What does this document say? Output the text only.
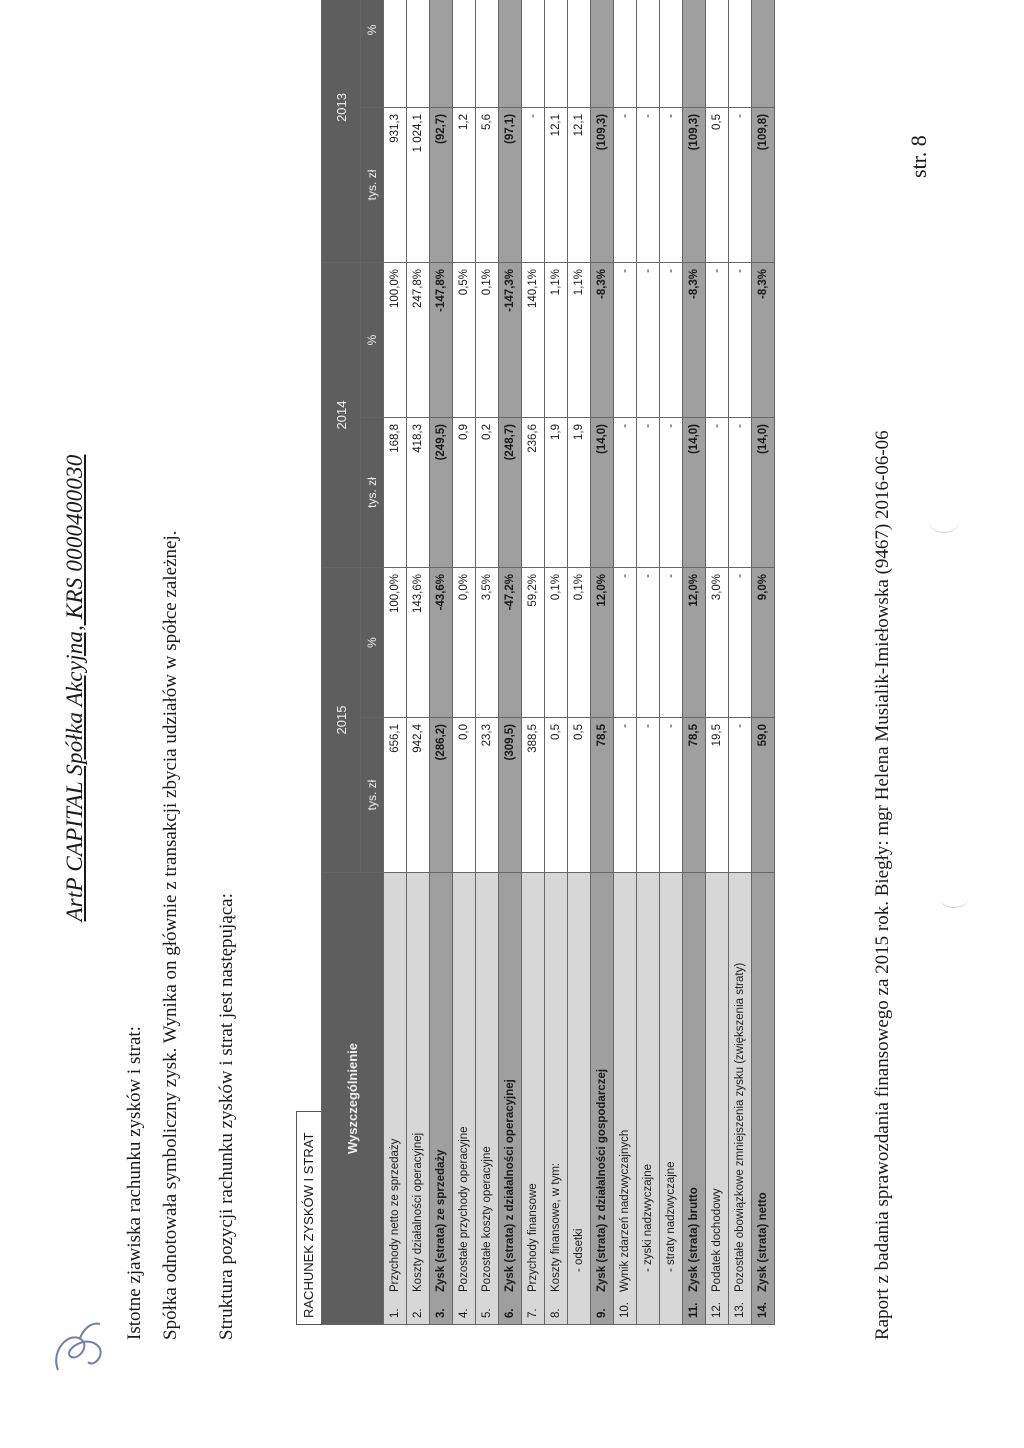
ArtP CAPITAL Spółka Akcyjna, KRS 0000400030
Istotne zjawiska rachunku zysków i strat: Spółka odnotowała symboliczny zysk. Wynika on głównie z transakcji zbycia udziałów w spółce zależnej. Struktura pozycji rachunku zysków i strat jest następująca:	RACHUNEK ZYSKÓW I STRAT
Wyszczególnienie	2015		2014		2013	
	tys. zł	%	tys. zł	%	tys. zł	%
1.Przychody netto ze sprzedaży	656,1	100,0%	168,8	100,0%	931,3	
2.Koszty działalności operacyjnej	942,4	143,6%	418,3	247,8%	1 024,1	
3.Zysk (strata) ze sprzedaży	(286,2)	-43,6%	(249,5)	-147,8%	(92,7)	
4.Pozostałe przychody operacyjne	0,0	0,0%	0,9	0,5%	1,2	
5.Pozostałe koszty operacyjne	23,3	3,5%	0,2	0,1%	5,6	
6.Zysk (strata) z działalności operacyjnej	(309,5)	-47,2%	(248,7)	-147,3%	(97,1)	
7.Przychody finansowe	388,5	59,2%	236,6	140,1%	-	
8.Koszty finansowe, w tym:	0,5	0,1%	1,9	1,1%	12,1	
- odsetki	0,5	0,1%	1,9	1,1%	12,1	
9.Zysk (strata) z działalności gospodarczej	78,5	12,0%	(14,0)	-8,3%	(109,3)	
10.Wynik zdarzeń nadzwyczajnych	-	-	-	-	-	
- zyski nadzwyczajne	-	-	-	-	-	
- straty nadzwyczajne	-	-	-	-	-	
11.Zysk (strata) brutto	78,5	12,0%	(14,0)	-8,3%	(109,3)	
12.Podatek dochodowy	19,5	3,0%	-	-	0,5	
13.Pozostałe obowiązkowe zmniejszenia zysku (zwiększenia straty)	-	-	-	-	-	
14.Zysk (strata) netto	59,0	9,0%	(14,0)	-8,3%	(109,8)	
Raport z badania sprawozdania finansowego za 2015 rok. Biegły: mgr Helena Musialik-Imiełowska (9467) 2016-06-06
str. 8
